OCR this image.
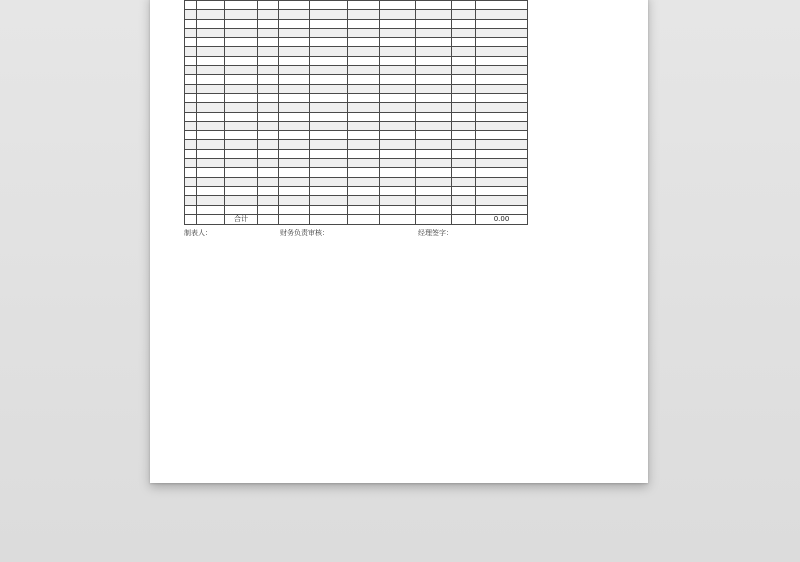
		合计								0.00
制表人：	财务负责审核：	经理签字：
